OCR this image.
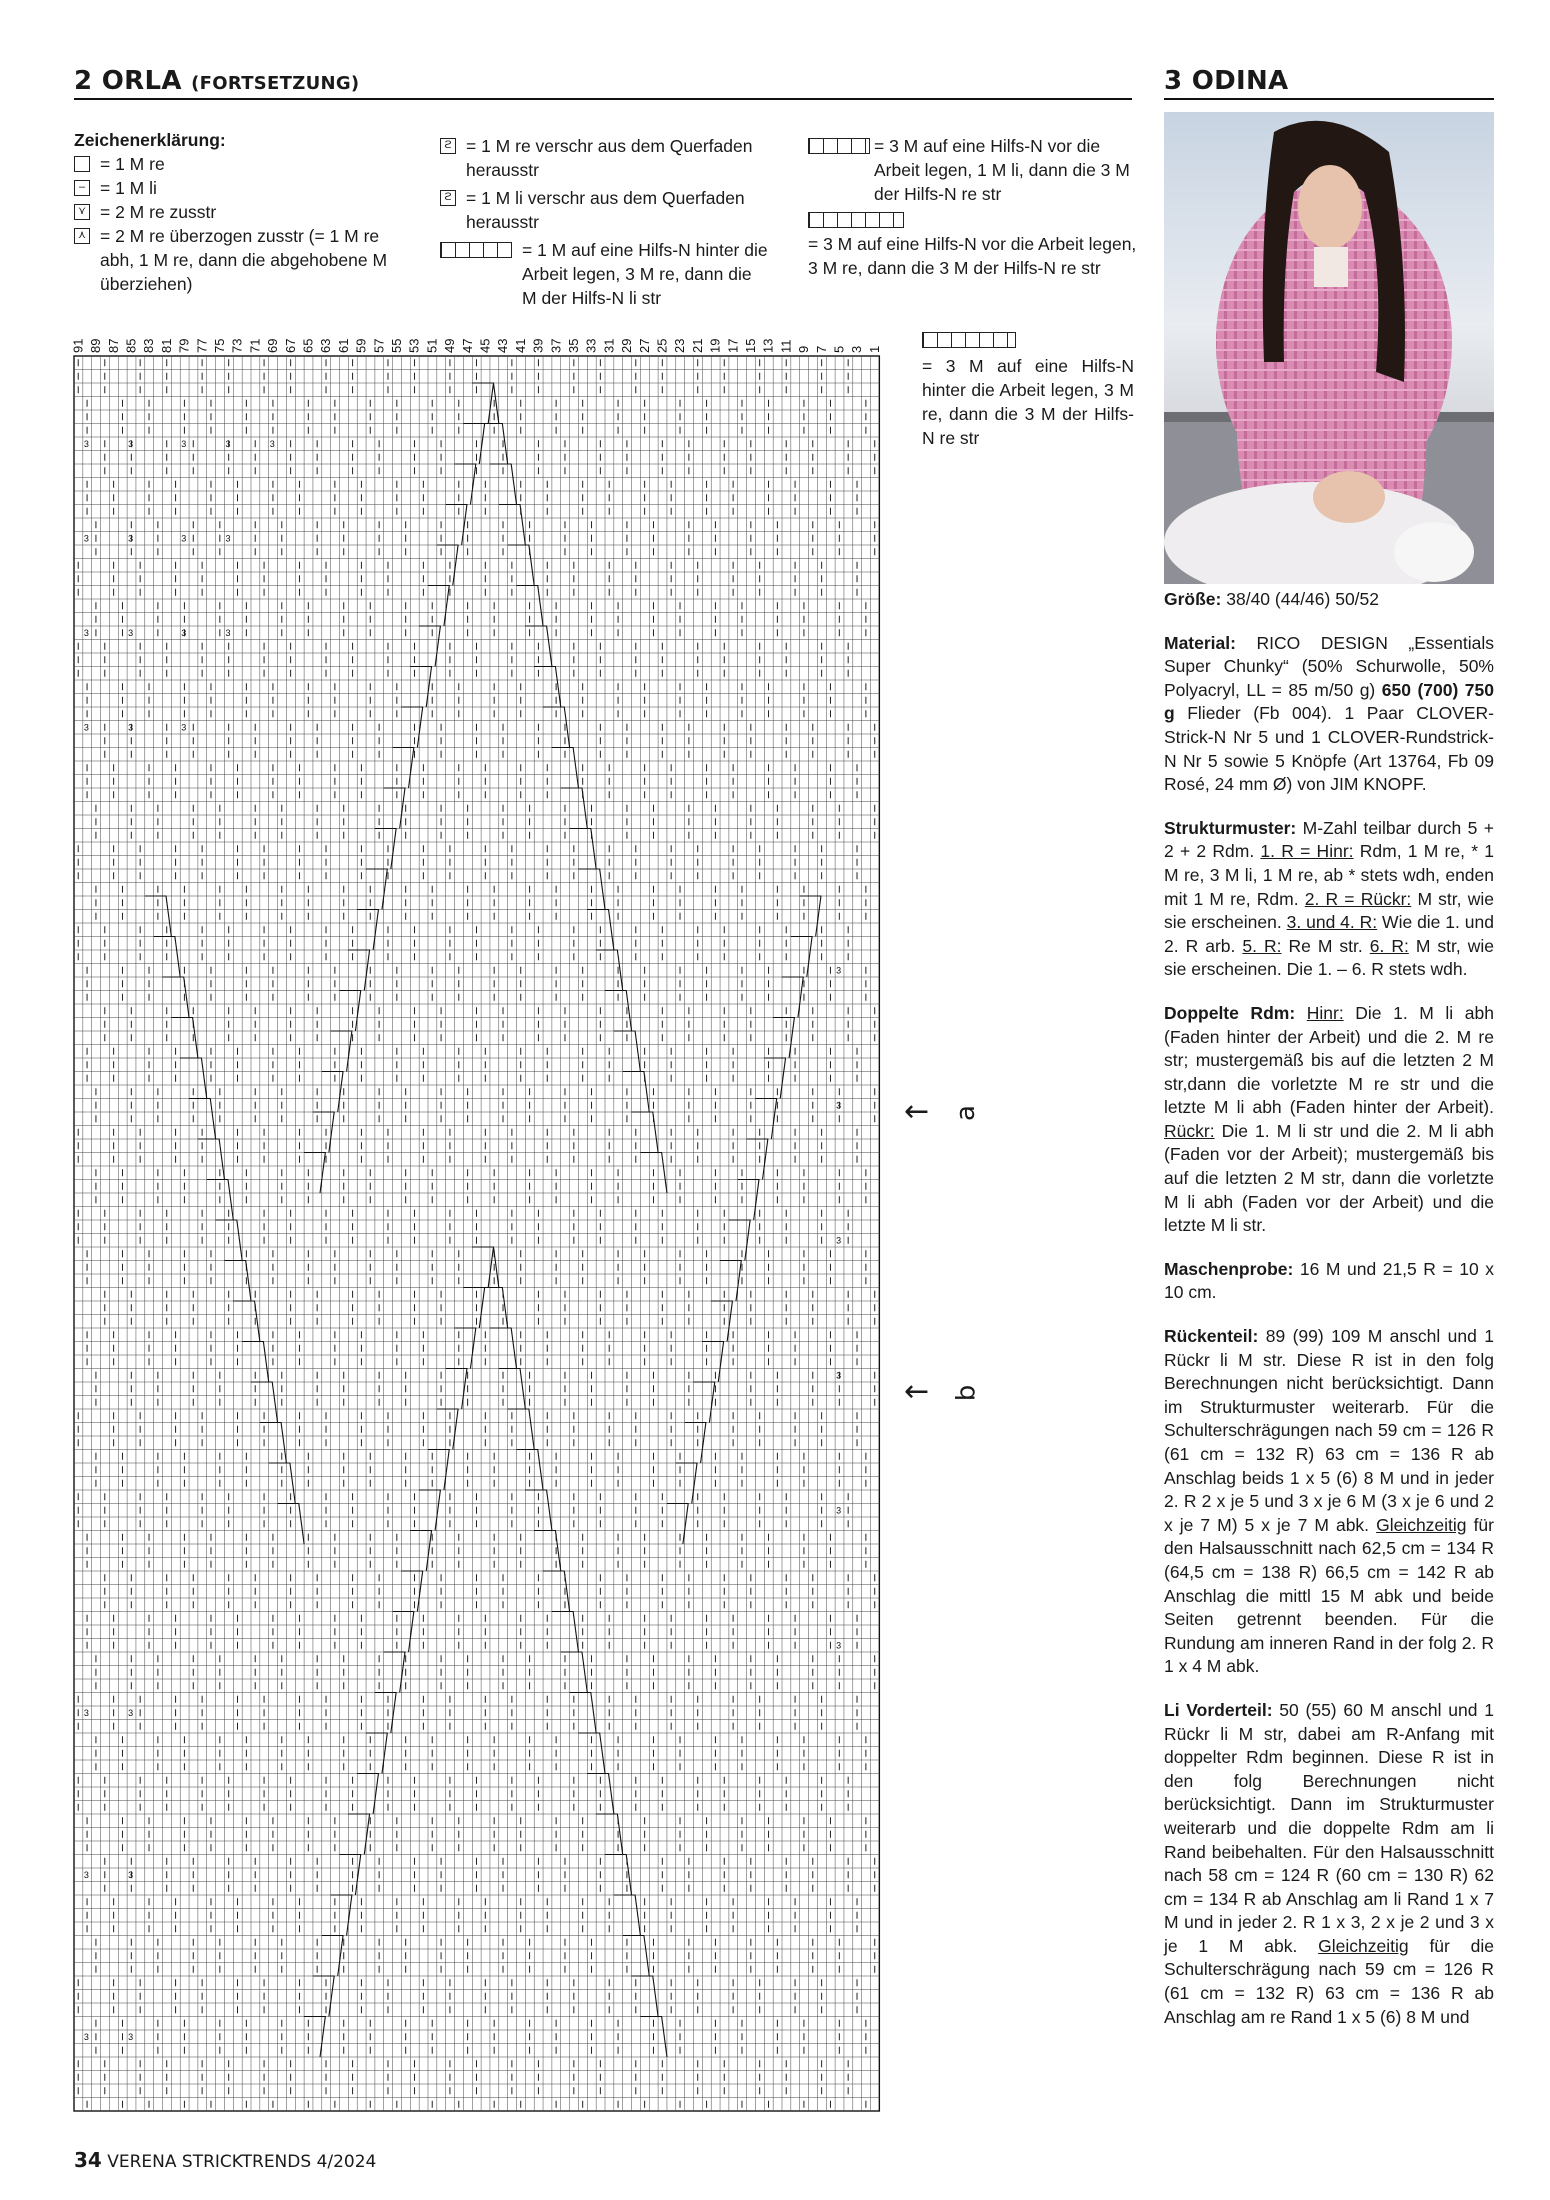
2 ORLA (FORTSETZUNG)	3 ODINA
Zeichenerklärung:
= 1 M re
– = 1 M li
⋎ = 2 M re zusstr
⋏ = 2 M re überzogen zusstr (= 1 M re abh, 1 M re, dann die abgehobene M überziehen)
ϩ = 1 M re verschr aus dem Querfaden herausstr
ϩ = 1 M li verschr aus dem Querfaden herausstr
= 1 M auf eine Hilfs-N hinter die Arbeit legen, 3 M re, dann die M der Hilfs-N li str
= 3 M auf eine Hilfs-N vor die Arbeit legen, 1 M li, dann die 3 M der Hilfs-N re str
= 3 M auf eine Hilfs-N vor die Arbeit legen, 3 M re, dann die 3 M der Hilfs-N re str
= 3 M auf eine Hilfs-N hinter die Arbeit legen, 3 M re, dann die 3 M der Hilfs-N re str
91 89 87 85 83 81 79 77 75 73 71 69 67 65 63 61 59 57 55 53 51 49 47 45 43 41 39 37 35 33 31 29 27 25 23 21 19 17 15 13 11 9 7 5 3 1
3	3	3	3	3
3	3	3	3
3	3	3	3
3	3	3
3
3
3
3
3
3
3
3
3
3
3
3
← a
← b

Größe: 38/40 (44/46) 50/52

Material: RICO DESIGN „Essentials Super Chunky“ (50% Schurwolle, 50% Polyacryl, LL = 85 m/50 g) 650 (700) 750 g Flieder (Fb 004). 1 Paar CLOVER-Strick-N Nr 5 und 1 CLOVER-Rundstrick-N Nr 5 sowie 5 Knöpfe (Art 13764, Fb 09 Rosé, 24 mm Ø) von JIM KNOPF.

Strukturmuster: M-Zahl teilbar durch 5 + 2 + 2 Rdm. 1. R = Hinr: Rdm, 1 M re, * 1 M re, 3 M li, 1 M re, ab * stets wdh, enden mit 1 M re, Rdm. 2. R = Rückr: M str, wie sie erscheinen. 3. und 4. R: Wie die 1. und 2. R arb. 5. R: Re M str. 6. R: M str, wie sie erscheinen. Die 1. – 6. R stets wdh.

Doppelte Rdm: Hinr: Die 1. M li abh (Faden hinter der Arbeit) und die 2. M re str; mustergemäß bis auf die letzten 2 M str,dann die vorletzte M re str und die letzte M li abh (Faden hinter der Arbeit). Rückr: Die 1. M li str und die 2. M li abh (Faden vor der Arbeit); mustergemäß bis auf die letzten 2 M str, dann die vorletzte M li abh (Faden vor der Arbeit) und die letzte M li str.

Maschenprobe: 16 M und 21,5 R = 10 x 10 cm.

Rückenteil: 89 (99) 109 M anschl und 1 Rückr li M str. Diese R ist in den folg Berechnungen nicht berücksichtigt. Dann im Strukturmuster weiterarb. Für die Schulterschrägungen nach 59 cm = 126 R (61 cm = 132 R) 63 cm = 136 R ab Anschlag beids 1 x 5 (6) 8 M und in jeder 2. R 2 x je 5 und 3 x je 6 M (3 x je 6 und 2 x je 7 M) 5 x je 7 M abk. Gleichzeitig für den Halsausschnitt nach 62,5 cm = 134 R (64,5 cm = 138 R) 66,5 cm = 142 R ab Anschlag die mittl 15 M abk und beide Seiten getrennt beenden. Für die Rundung am inneren Rand in der folg 2. R 1 x 4 M abk.

Li Vorderteil: 50 (55) 60 M anschl und 1 Rückr li M str, dabei am R-Anfang mit doppelter Rdm beginnen. Diese R ist in den folg Berechnungen nicht berücksichtigt. Dann im Strukturmuster weiterarb und die doppelte Rdm am li Rand beibehalten. Für den Halsausschnitt nach 58 cm = 124 R (60 cm = 130 R) 62 cm = 134 R ab Anschlag am li Rand 1 x 7 M und in jeder 2. R 1 x 3, 2 x je 2 und 3 x je 1 M abk. Gleichzeitig für die Schulterschrägung nach 59 cm = 126 R (61 cm = 132 R) 63 cm = 136 R ab Anschlag am re Rand 1 x 5 (6) 8 M und

34 VERENA STRICKTRENDS 4/2024
